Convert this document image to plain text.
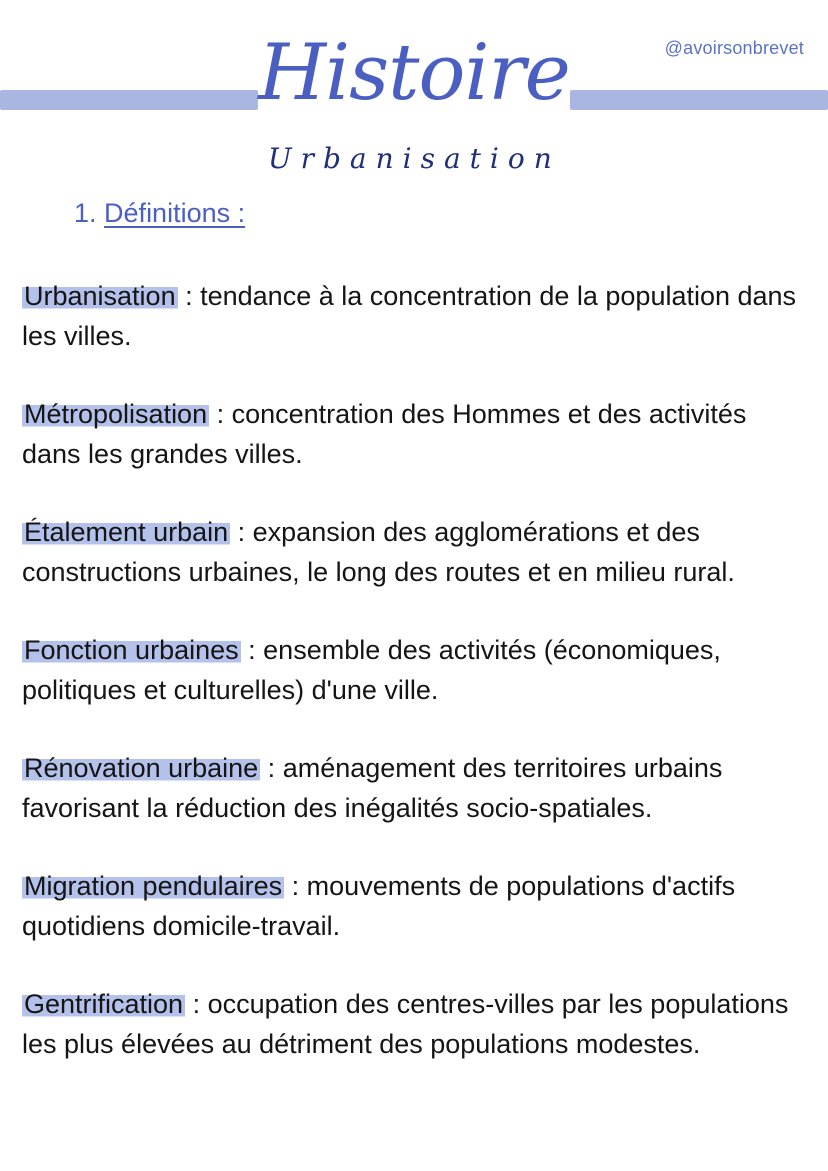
@avoirsonbrevet
Histoire
Urbanisation
1. Définitions :

Urbanisation : tendance à la concentration de la population dans les villes.

Métropolisation : concentration des Hommes et des activités dans les grandes villes.

Étalement urbain : expansion des agglomérations et des constructions urbaines, le long des routes et en milieu rural.

Fonction urbaines : ensemble des activités (économiques, politiques et culturelles) d'une ville.

Rénovation urbaine : aménagement des territoires urbains favorisant la réduction des inégalités socio-spatiales.

Migration pendulaires : mouvements de populations d'actifs quotidiens domicile-travail.

Gentrification : occupation des centres-villes par les populations les plus élevées au détriment des populations modestes.
